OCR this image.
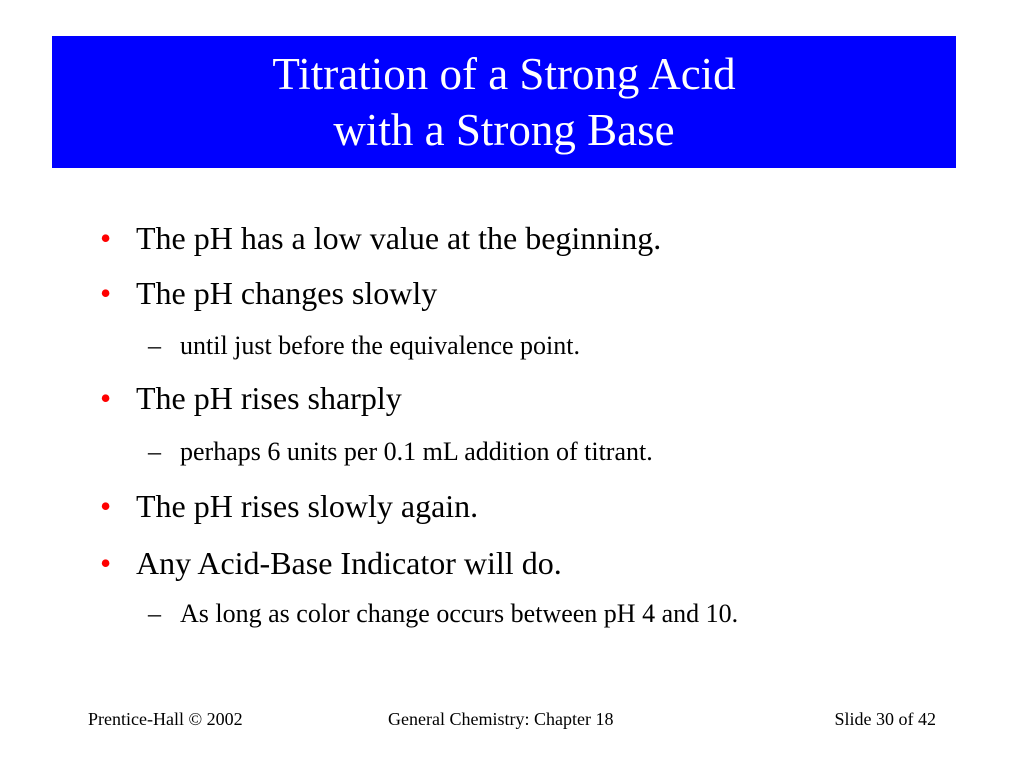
Titration of a Strong Acid
with a Strong Base
• The pH has a low value at the beginning.
• The pH changes slowly
– until just before the equivalence point.
• The pH rises sharply
– perhaps 6 units per 0.1 mL addition of titrant.
• The pH rises slowly again.
• Any Acid-Base Indicator will do.
– As long as color change occurs between pH 4 and 10.
Prentice-Hall © 2002	General Chemistry: Chapter 18	Slide 30 of 42
